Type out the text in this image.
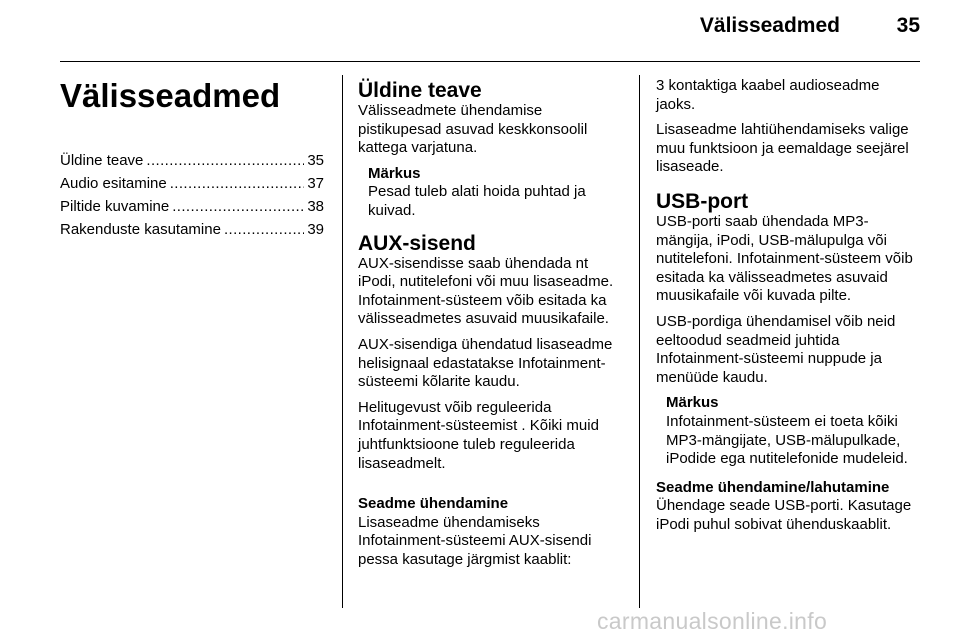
Välisseadmed	35
Välisseadmed
Üldine teave .....	35
Audio esitamine .....	37
Piltide kuvamine .....	38
Rakenduste kasutamine .....	39
Üldine teave
Välisseadmete ühendamise pistikupesad asuvad keskkonsoolil kattega varjatuna.
Märkus
Pesad tuleb alati hoida puhtad ja kuivad.
AUX-sisend
AUX-sisendisse saab ühendada nt iPodi, nutitelefoni või muu lisaseadme. Infotainment-süsteem võib esitada ka välisseadmetes asuvaid muusikafaile.
AUX-sisendiga ühendatud lisaseadme helisignaal edastatakse Infotainment-süsteemi kõlarite kaudu.
Helitugevust võib reguleerida Infotainment-süsteemist . Kõiki muid juhtfunktsioone tuleb reguleerida lisaseadmelt.
Seadme ühendamine
Lisaseadme ühendamiseks Infotainment-süsteemi AUX-sisendi pessa kasutage järgmist kaablit:
3 kontaktiga kaabel audioseadme jaoks.
Lisaseadme lahtiühendamiseks valige muu funktsioon ja eemaldage seejärel lisaseade.
USB-port
USB-porti saab ühendada MP3-mängija, iPodi, USB-mälupulga või nutitelefoni. Infotainment-süsteem võib esitada ka välisseadmetes asuvaid muusikafaile või kuvada pilte.
USB-pordiga ühendamisel võib neid eeltoodud seadmeid juhtida Infotainment-süsteemi nuppude ja menüüde kaudu.
Märkus
Infotainment-süsteem ei toeta kõiki MP3-mängijate, USB-mälupulkade, iPodide ega nutitelefonide mudeleid.
Seadme ühendamine/lahutamine
Ühendage seade USB-porti. Kasutage iPodi puhul sobivat ühenduskaablit.
carmanualsonline.info
